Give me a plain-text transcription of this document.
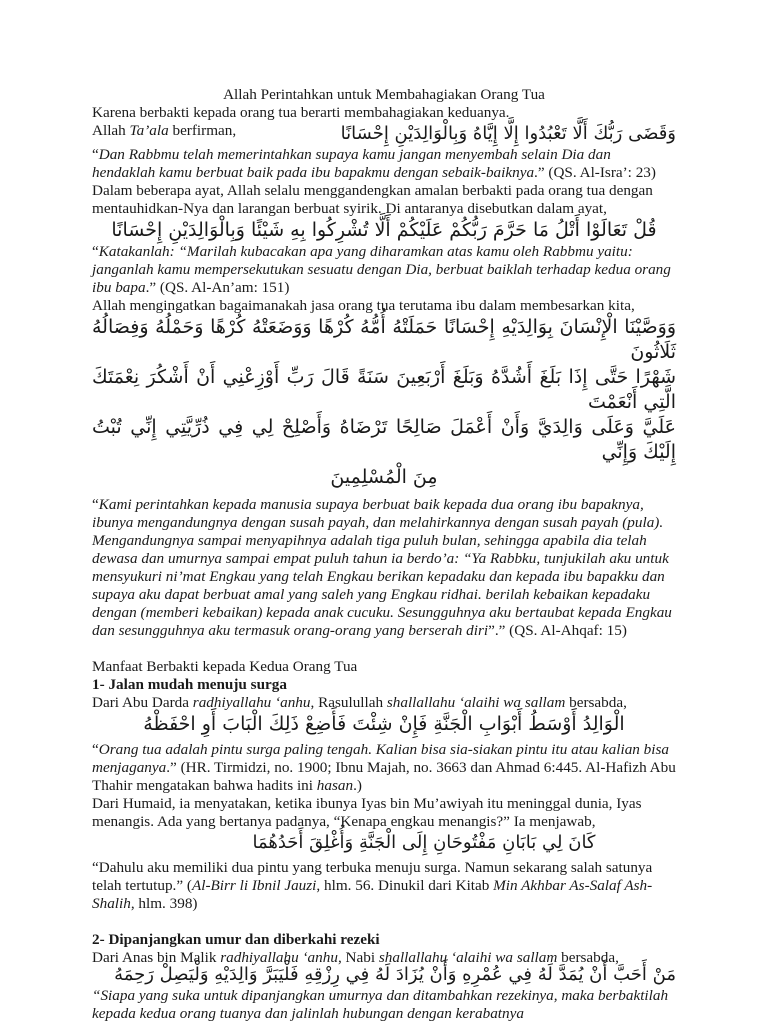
Allah Perintahkan untuk Membahagiakan Orang Tua

Karena berbakti kepada orang tua berarti membahagiakan keduanya.

Allah Ta’ala berfirman,	وَقَضَى رَبُّكَ أَلَّا تَعْبُدُوا إِلَّا إِيَّاهُ وَبِالْوَالِدَيْنِ إِحْسَانًا

“Dan Rabbmu telah memerintahkan supaya kamu jangan menyembah selain Dia dan hendaklah kamu berbuat baik pada ibu bapakmu dengan sebaik-baiknya.” (QS. Al-Isra’: 23)

Dalam beberapa ayat, Allah selalu menggandengkan amalan berbakti pada orang tua dengan mentauhidkan-Nya dan larangan berbuat syirik. Di antaranya disebutkan dalam ayat,

قُلْ تَعَالَوْا أَتْلُ مَا حَرَّمَ رَبُّكُمْ عَلَيْكُمْ أَلَّا تُشْرِكُوا بِهِ شَيْئًا وَبِالْوَالِدَيْنِ إِحْسَانًا

“Katakanlah: “Marilah kubacakan apa yang diharamkan atas kamu oleh Rabbmu yaitu: janganlah kamu mempersekutukan sesuatu dengan Dia, berbuat baiklah terhadap kedua orang ibu bapa.” (QS. Al-An’am: 151)

Allah mengingatkan bagaimanakah jasa orang tua terutama ibu dalam membesarkan kita,

وَوَصَّيْنَا الْإِنْسَانَ بِوَالِدَيْهِ إِحْسَانًا حَمَلَتْهُ أُمُّهُ كُرْهًا وَوَضَعَتْهُ كُرْهًا وَحَمْلُهُ وَفِصَالُهُ ثَلَاثُونَ

شَهْرًا حَتَّى إِذَا بَلَغَ أَشُدَّهُ وَبَلَغَ أَرْبَعِينَ سَنَةً قَالَ رَبِّ أَوْزِعْنِي أَنْ أَشْكُرَ نِعْمَتَكَ الَّتِي أَنْعَمْتَ

عَلَيَّ وَعَلَى وَالِدَيَّ وَأَنْ أَعْمَلَ صَالِحًا تَرْضَاهُ وَأَصْلِحْ لِي فِي ذُرِّيَّتِي إِنِّي تُبْتُ إِلَيْكَ وَإِنِّي

مِنَ الْمُسْلِمِينَ

“Kami perintahkan kepada manusia supaya berbuat baik kepada dua orang ibu bapaknya, ibunya mengandungnya dengan susah payah, dan melahirkannya dengan susah payah (pula). Mengandungnya sampai menyapihnya adalah tiga puluh bulan, sehingga apabila dia telah dewasa dan umurnya sampai empat puluh tahun ia berdo’a: “Ya Rabbku, tunjukilah aku untuk mensyukuri ni’mat Engkau yang telah Engkau berikan kepadaku dan kepada ibu bapakku dan supaya aku dapat berbuat amal yang saleh yang Engkau ridhai. berilah kebaikan kepadaku dengan (memberi kebaikan) kepada anak cucuku. Sesungguhnya aku bertaubat kepada Engkau dan sesungguhnya aku termasuk orang-orang yang berserah diri”.” (QS. Al-Ahqaf: 15)

Manfaat Berbakti kepada Kedua Orang Tua

1- Jalan mudah menuju surga

Dari Abu Darda radhiyallahu ‘anhu, Rasulullah shallallahu ‘alaihi wa sallam bersabda,

الْوَالِدُ أَوْسَطُ أَبْوَابِ الْجَنَّةِ فَإِنْ شِئْتَ فَأَضِعْ ذَلِكَ الْبَابَ أَوِ احْفَظْهُ

“Orang tua adalah pintu surga paling tengah. Kalian bisa sia-siakan pintu itu atau kalian bisa menjaganya.” (HR. Tirmidzi, no. 1900; Ibnu Majah, no. 3663 dan Ahmad 6:445. Al-Hafizh Abu Thahir mengatakan bahwa hadits ini hasan.)

Dari Humaid, ia menyatakan, ketika ibunya Iyas bin Mu’awiyah itu meninggal dunia, Iyas menangis. Ada yang bertanya padanya, “Kenapa engkau menangis?” Ia menjawab,

كَانَ لِي بَابَانِ مَفْتُوحَانِ إِلَى الْجَنَّةِ وَأُغْلِقَ أَحَدُهُمَا

“Dahulu aku memiliki dua pintu yang terbuka menuju surga. Namun sekarang salah satunya telah tertutup.” (Al-Birr li Ibnil Jauzi, hlm. 56. Dinukil dari Kitab Min Akhbar As-Salaf Ash-Shalih, hlm. 398)

2- Dipanjangkan umur dan diberkahi rezeki

Dari Anas bin Malik radhiyallahu ‘anhu, Nabi shallallahu ‘alaihi wa sallam bersabda,

مَنْ أَحَبَّ أَنْ يُمَدَّ لَهُ فِي عُمْرِهِ وَأَنْ يُزَادَ لَهُ فِي رِزْقِهِ فَلْيَبَرَّ وَالِدَيْهِ وَلْيَصِلْ رَحِمَهُ

“Siapa yang suka untuk dipanjangkan umurnya dan ditambahkan rezekinya, maka berbaktilah kepada kedua orang tuanya dan jalinlah hubungan dengan kerabatnya
